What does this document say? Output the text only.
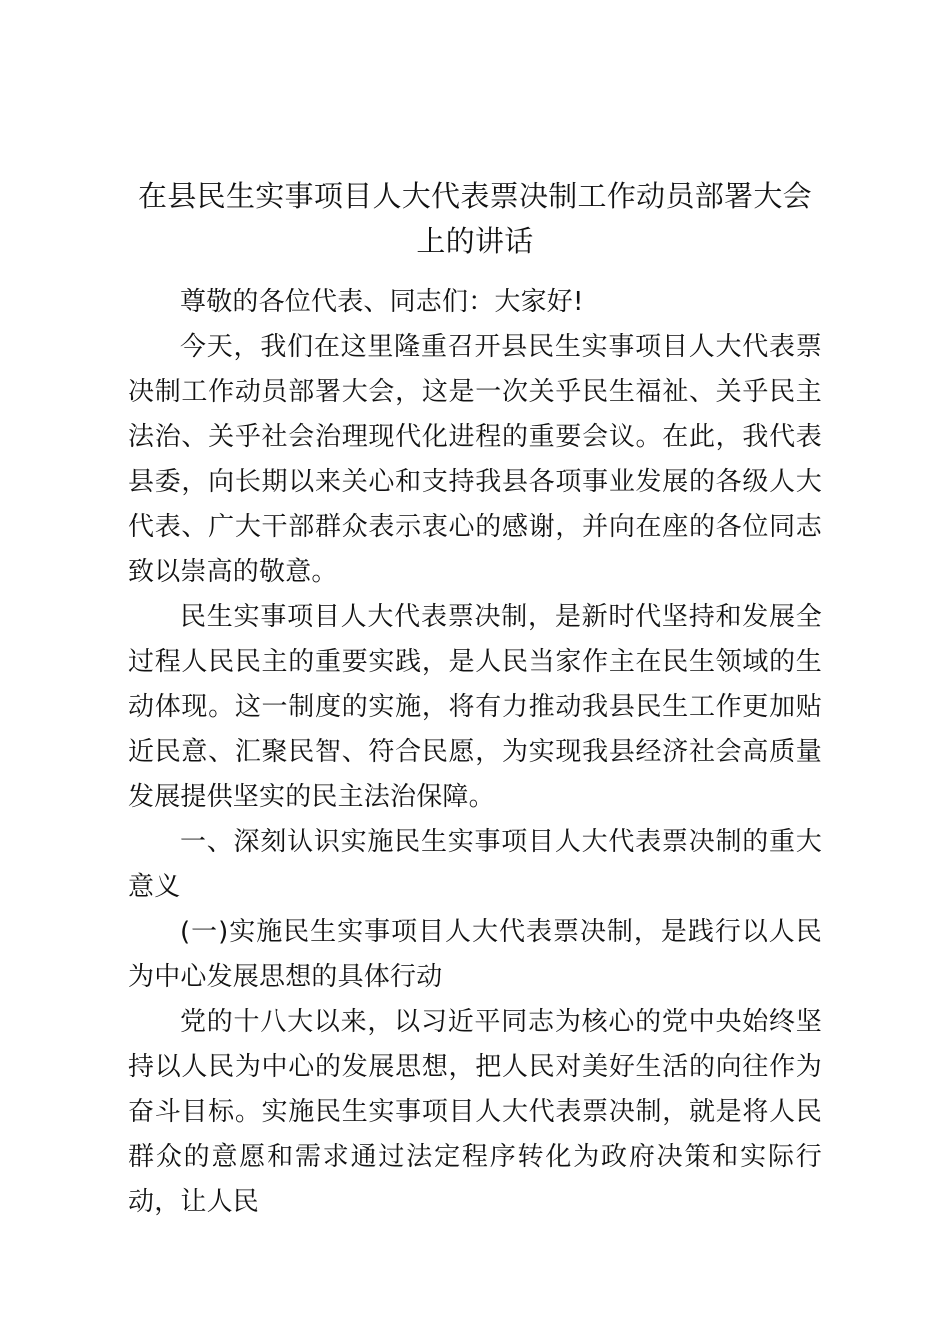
在县民生实事项目人大代表票决制工作动员部署大会上的讲话

尊敬的各位代表、同志们：大家好!

今天，我们在这里隆重召开县民生实事项目人大代表票决制工作动员部署大会，这是一次关乎民生福祉、关乎民主法治、关乎社会治理现代化进程的重要会议。在此，我代表县委，向长期以来关心和支持我县各项事业发展的各级人大代表、广大干部群众表示衷心的感谢，并向在座的各位同志致以崇高的敬意。

民生实事项目人大代表票决制，是新时代坚持和发展全过程人民民主的重要实践，是人民当家作主在民生领域的生动体现。这一制度的实施，将有力推动我县民生工作更加贴近民意、汇聚民智、符合民愿，为实现我县经济社会高质量发展提供坚实的民主法治保障。

一、深刻认识实施民生实事项目人大代表票决制的重大意义

(一)实施民生实事项目人大代表票决制，是践行以人民为中心发展思想的具体行动

党的十八大以来，以习近平同志为核心的党中央始终坚持以人民为中心的发展思想，把人民对美好生活的向往作为奋斗目标。实施民生实事项目人大代表票决制，就是将人民群众的意愿和需求通过法定程序转化为政府决策和实际行动，让人民
